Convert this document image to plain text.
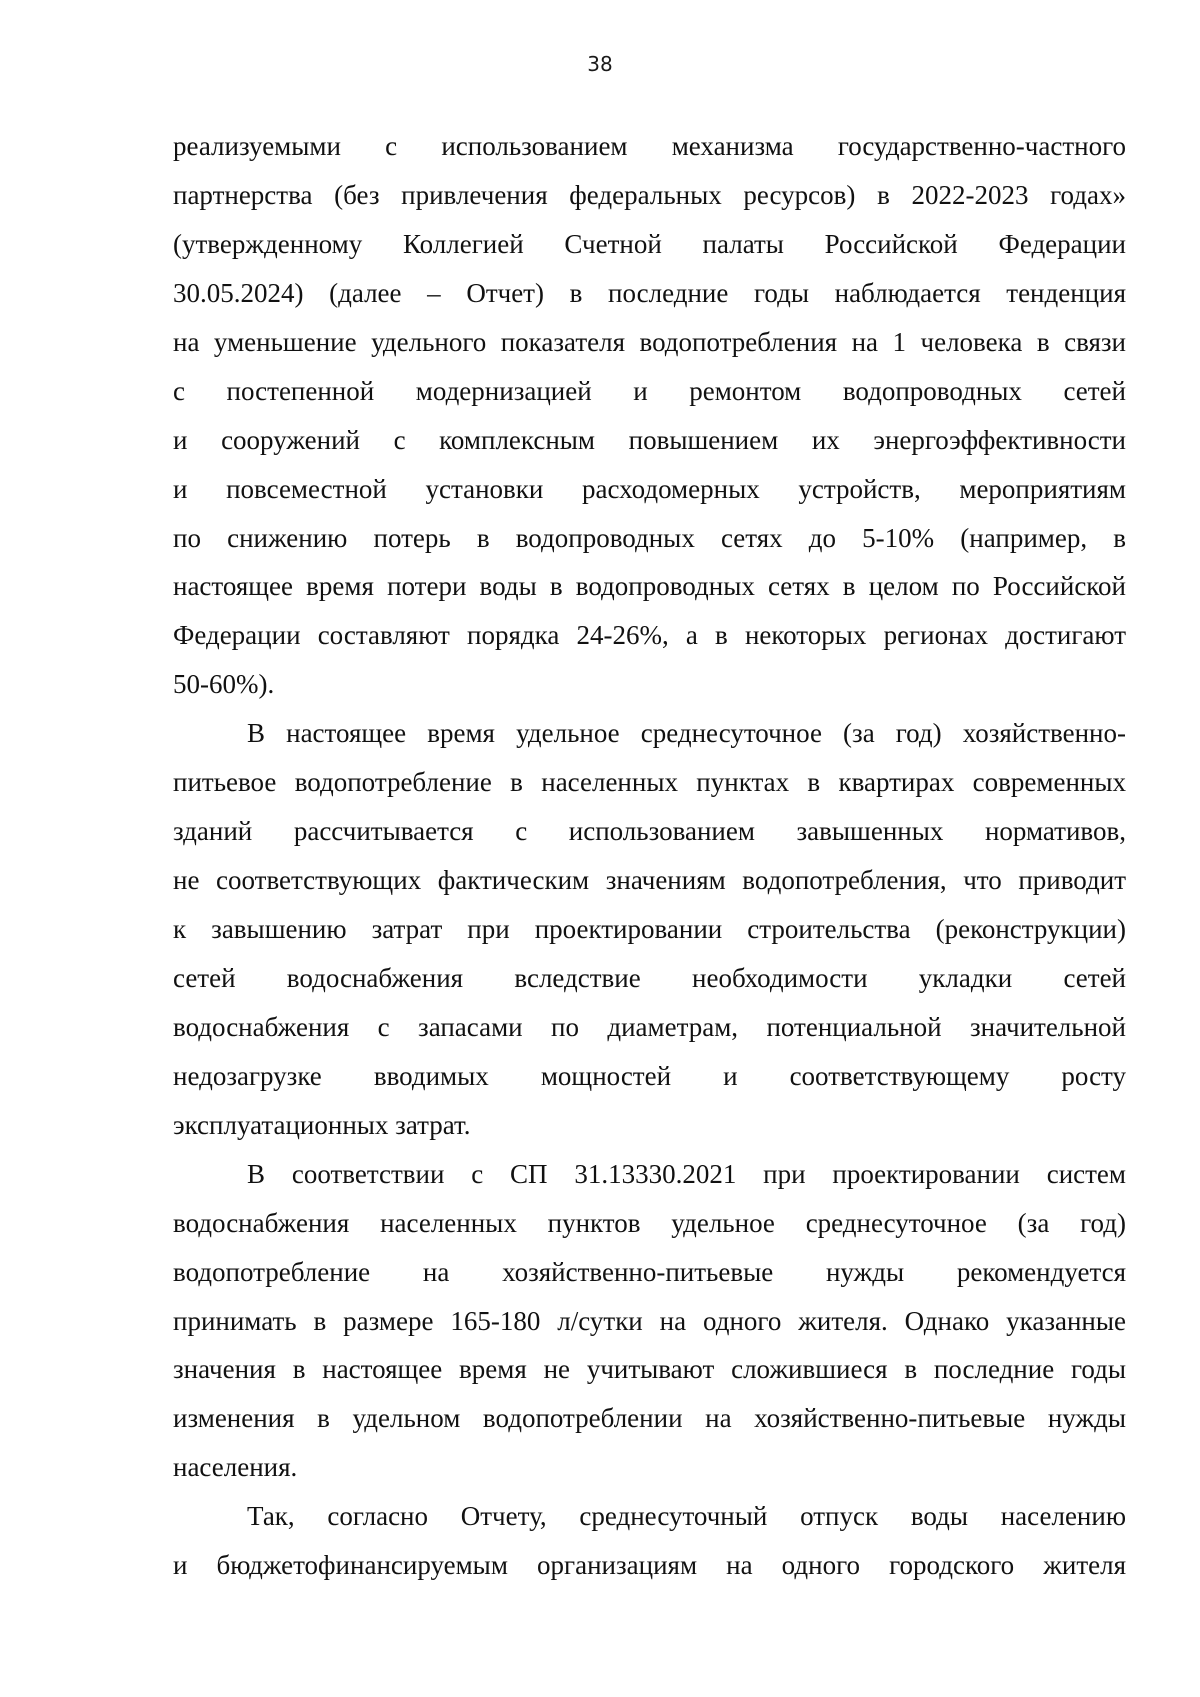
38
реализуемыми с использованием механизма государственно-частного
партнерства (без привлечения федеральных ресурсов) в 2022-2023 годах»
(утвержденному Коллегией Счетной палаты Российской Федерации
30.05.2024) (далее – Отчет) в последние годы наблюдается тенденция
на уменьшение удельного показателя водопотребления на 1 человека в связи
с постепенной модернизацией и ремонтом водопроводных сетей
и сооружений с комплексным повышением их энергоэффективности
и повсеместной установки расходомерных устройств, мероприятиям
по снижению потерь в водопроводных сетях до 5-10% (например, в
настоящее время потери воды в водопроводных сетях в целом по Российской
Федерации составляют порядка 24-26%, а в некоторых регионах достигают
50-60%).
В настоящее время удельное среднесуточное (за год) хозяйственно-
питьевое водопотребление в населенных пунктах в квартирах современных
зданий рассчитывается с использованием завышенных нормативов,
не соответствующих фактическим значениям водопотребления, что приводит
к завышению затрат при проектировании строительства (реконструкции)
сетей водоснабжения вследствие необходимости укладки сетей
водоснабжения с запасами по диаметрам, потенциальной значительной
недозагрузке вводимых мощностей и соответствующему росту
эксплуатационных затрат.
В соответствии с СП 31.13330.2021 при проектировании систем
водоснабжения населенных пунктов удельное среднесуточное (за год)
водопотребление на хозяйственно-питьевые нужды рекомендуется
принимать в размере 165-180 л/сутки на одного жителя. Однако указанные
значения в настоящее время не учитывают сложившиеся в последние годы
изменения в удельном водопотреблении на хозяйственно-питьевые нужды
населения.
Так, согласно Отчету, среднесуточный отпуск воды населению
и бюджетофинансируемым организациям на одного городского жителя
